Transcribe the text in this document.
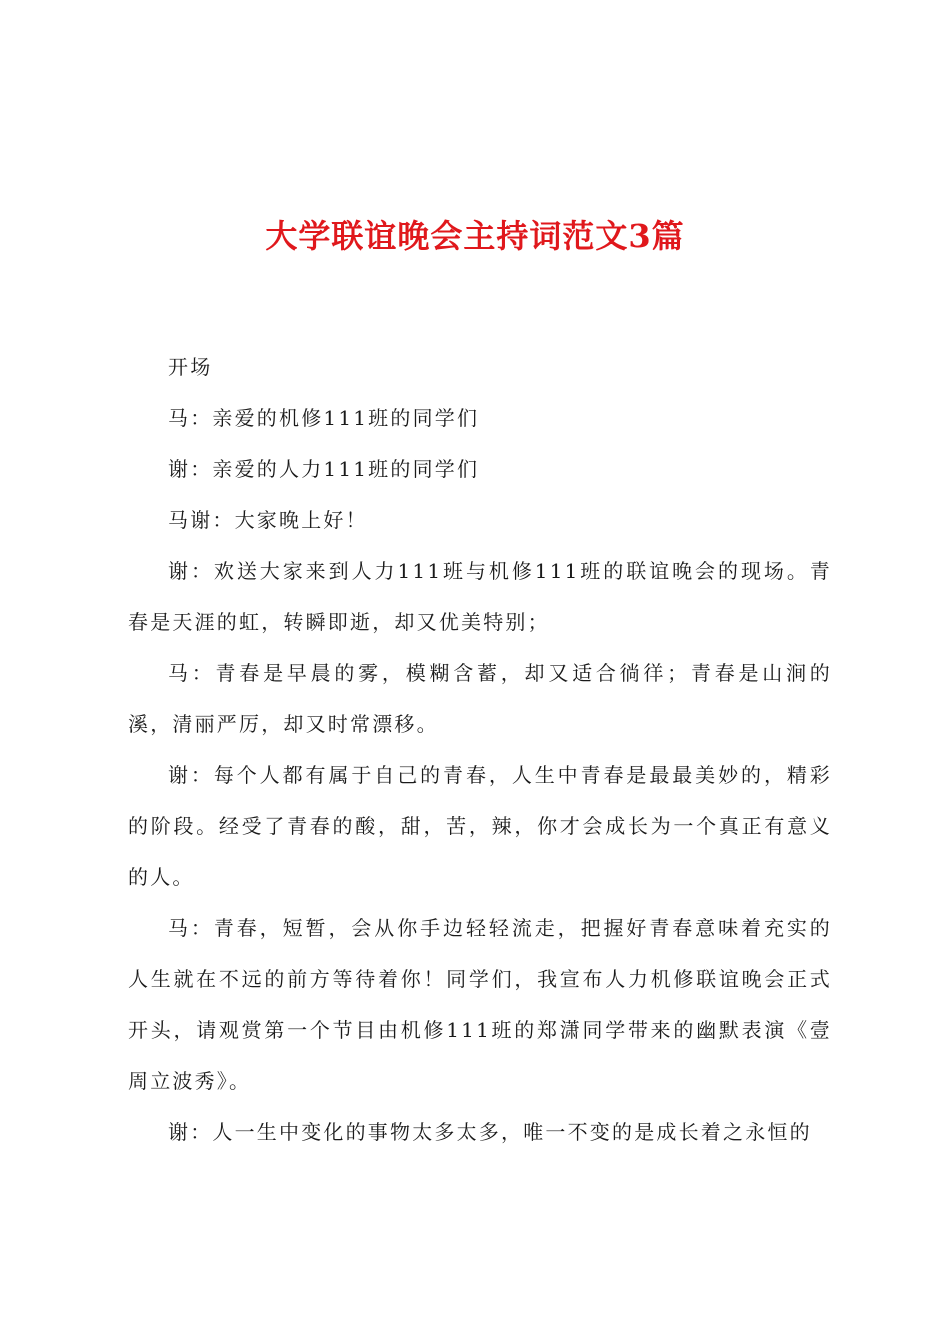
大学联谊晚会主持词范文3篇

开场

马：亲爱的机修111班的同学们

谢：亲爱的人力111班的同学们

马谢：大家晚上好！

谢：欢送大家来到人力111班与机修111班的联谊晚会的现场。青春是天涯的虹，转瞬即逝，却又优美特别；

马：青春是早晨的雾，模糊含蓄，却又适合徜徉；青春是山涧的溪，清丽严厉，却又时常漂移。

谢：每个人都有属于自己的青春，人生中青春是最最美妙的，精彩的阶段。经受了青春的酸，甜，苦，辣，你才会成长为一个真正有意义的人。

马：青春，短暂，会从你手边轻轻流走，把握好青春意味着充实的人生就在不远的前方等待着你！同学们，我宣布人力机修联谊晚会正式开头，请观赏第一个节目由机修111班的郑潇同学带来的幽默表演《壹周立波秀》。

谢：人一生中变化的事物太多太多，唯一不变的是成长着之永恒的
